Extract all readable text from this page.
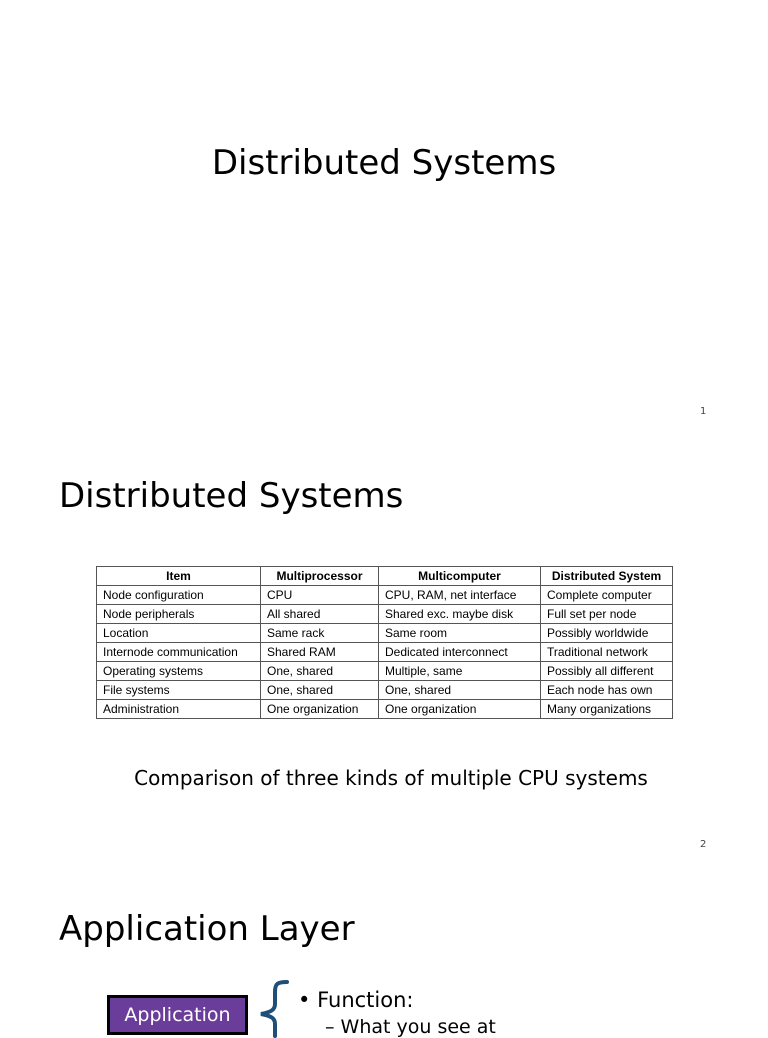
Distributed Systems
1
Distributed Systems
Item	Multiprocessor	Multicomputer	Distributed System
Node configuration	CPU	CPU, RAM, net interface	Complete computer
Node peripherals	All shared	Shared exc. maybe disk	Full set per node
Location	Same rack	Same room	Possibly worldwide
Internode communication	Shared RAM	Dedicated interconnect	Traditional network
Operating systems	One, shared	Multiple, same	Possibly all different
File systems	One, shared	One, shared	Each node has own
Administration	One organization	One organization	Many organizations
Comparison of three kinds of multiple CPU systems
2
Application Layer
Application
• Function:
– What you see at
